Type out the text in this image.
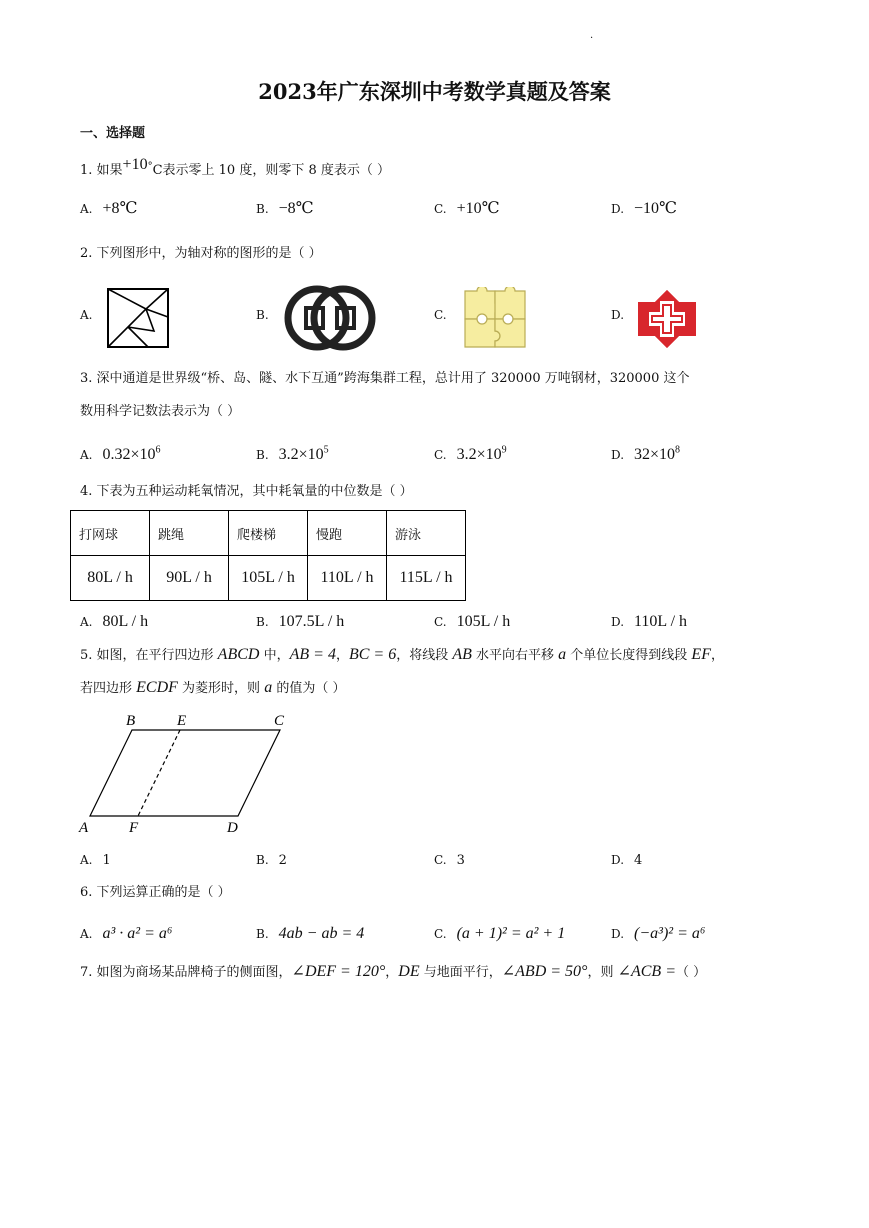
.
2023年广东深圳中考数学真题及答案
一、选择题
1. 如果+10°C表示零上 10 度，则零下 8 度表示（ ）
A. +8℃	B. −8℃	C. +10℃	D. −10℃
2. 下列图形中，为轴对称的图形的是（ ）
A.	B.	C.	D.
3. 深中通道是世界级“桥、岛、隧、水下互通”跨海集群工程，总计用了 320000 万吨钢材，320000 这个
数用科学记数法表示为（ ）
A. $0.32\times 10^6$	B. $3.2\times 10^5$	C. $3.2\times 10^9$	D. $32\times 10^8$
4. 下表为五种运动耗氧情况，其中耗氧量的中位数是（ ）
打网球	跳绳	爬楼梯	慢跑	游泳
80L / h	90L / h	105L / h	110L / h	115L / h
A. 80L / h	B. 107.5L / h	C. 105L / h	D. 110L / h
5. 如图，在平行四边形 ABCD 中，AB = 4，BC = 6，将线段 AB 水平向右平移 a 个单位长度得到线段 EF，
若四边形 ECDF 为菱形时，则 a 的值为（ ）
B	E	C
A	F	D
A. 1	B. 2	C. 3	D. 4
6. 下列运算正确的是（ ）
A. a³ · a² = a⁶	B. 4ab − ab = 4	C. (a + 1)² = a² + 1	D. (−a³)² = a⁶
7. 如图为商场某品牌椅子的侧面图，∠DEF = 120°，DE 与地面平行，∠ABD = 50°，则 ∠ACB =（ ）
